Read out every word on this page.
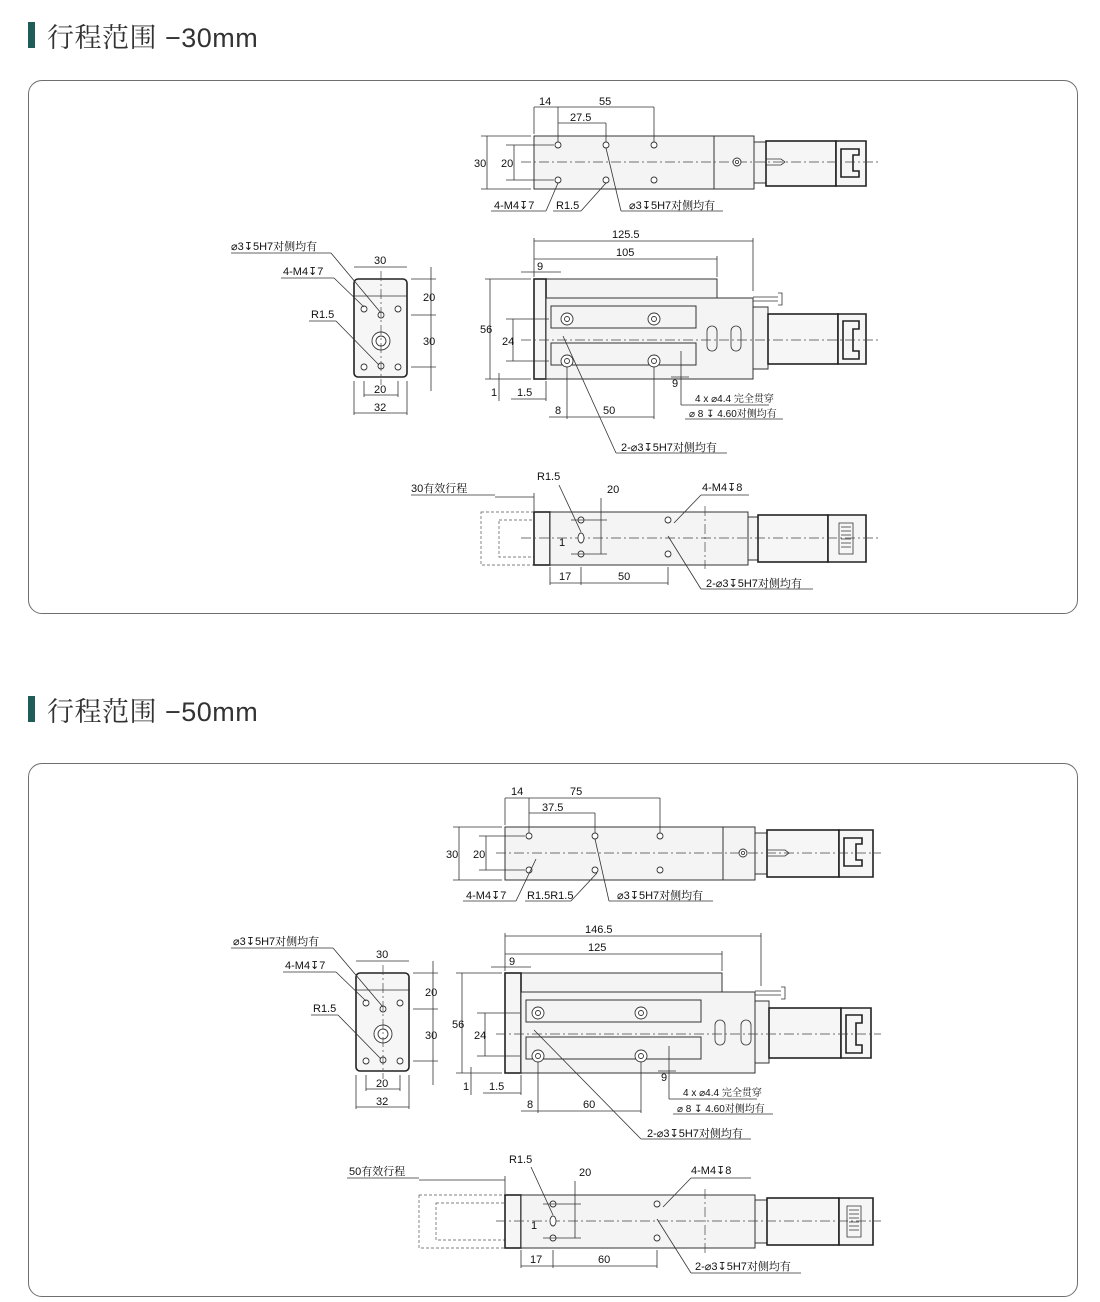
行程范围 −30mm
14	55
27.5
30 20
4-M4↧7 R1.5	⌀3↧5H7对侧均有
30
20
30
20
32
⌀3↧5H7对侧均有
4-M4↧7
R1.5
125.5
105
9
56
24
1 1.5
8	50
9
4 x ⌀4.4 完全贯穿
⌀ 8 ↧ 4.60对侧均有
2-⌀3↧5H7对侧均有
30有效行程
R1.5
20
1
4-M4↧8
17	50
2-⌀3↧5H7对侧均有
行程范围 −50mm
14	75
37.5
30 20
4-M4↧7 R1.5R1.5	⌀3↧5H7对侧均有
30
20
30
20
32
⌀3↧5H7对侧均有
4-M4↧7
R1.5
146.5
125
9
56
24
1 1.5
8	60
9
4 x ⌀4.4 完全贯穿
⌀ 8 ↧ 4.60对侧均有
2-⌀3↧5H7对侧均有
50有效行程
R1.5
20
1
4-M4↧8
17	60
2-⌀3↧5H7对侧均有
